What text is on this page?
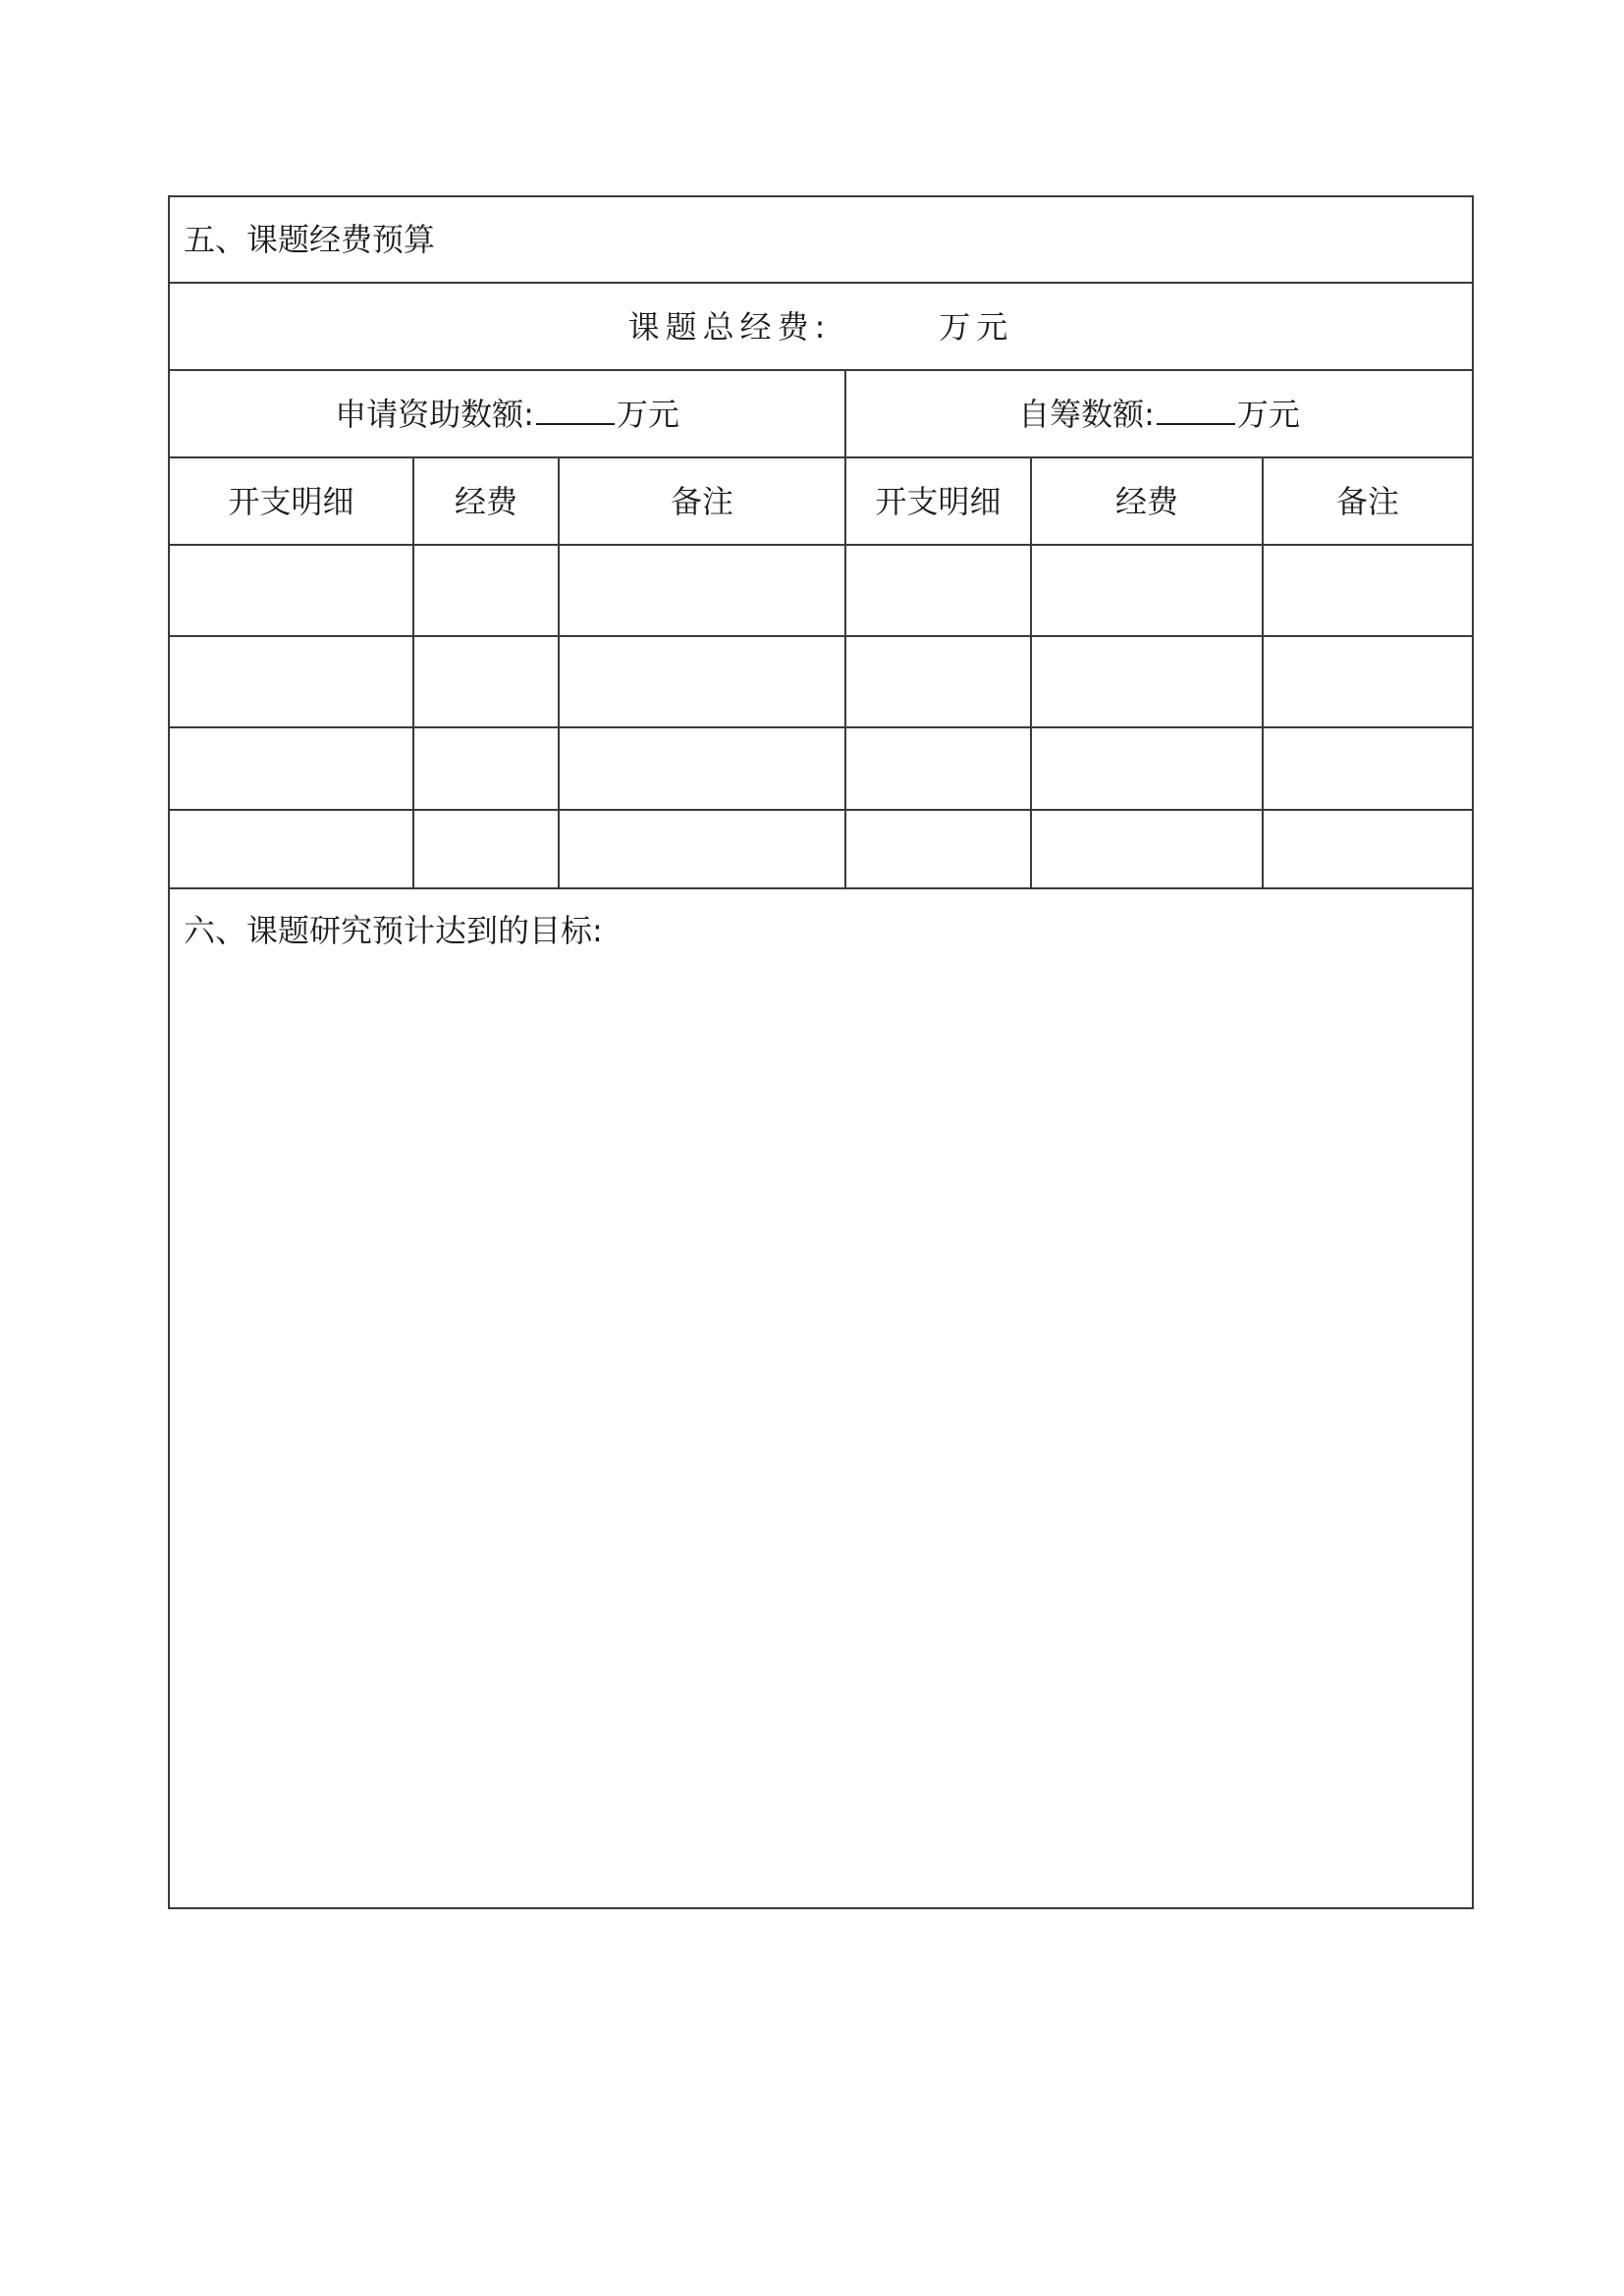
五、课题经费预算
课题总经费:	万元
申请资助数额:	万元	自筹数额:	万元
开支明细	经费	备注	开支明细	经费	备注
六、课题研究预计达到的目标:
